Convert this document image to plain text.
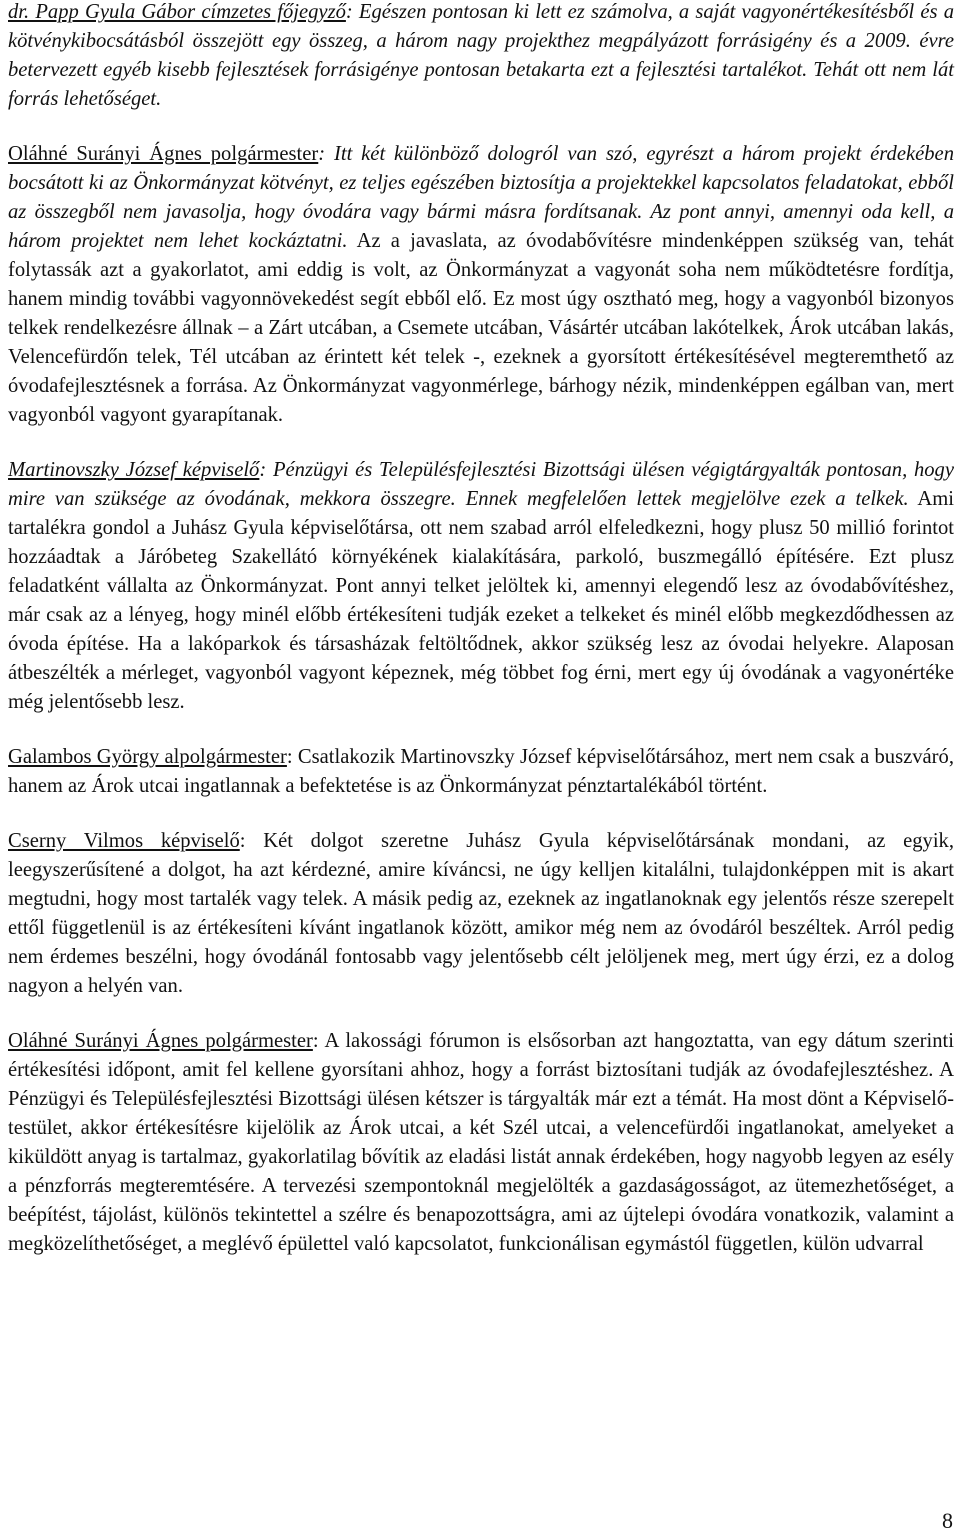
dr. Papp Gyula Gábor címzetes főjegyző: Egészen pontosan ki lett ez számolva, a saját vagyonértékesítésből és a kötvénykibocsátásból összejött egy összeg, a három nagy projekthez megpályázott forrásigény és a 2009. évre betervezett egyéb kisebb fejlesztések forrásigénye pontosan betakarta ezt a fejlesztési tartalékot. Tehát ott nem lát forrás lehetőséget.

Oláhné Surányi Ágnes polgármester: Itt két különböző dologról van szó, egyrészt a három projekt érdekében bocsátott ki az Önkormányzat kötvényt, ez teljes egészében biztosítja a projektekkel kapcsolatos feladatokat, ebből az összegből nem javasolja, hogy óvodára vagy bármi másra fordítsanak. Az pont annyi, amennyi oda kell, a három projektet nem lehet kockáztatni. Az a javaslata, az óvodabővítésre mindenképpen szükség van, tehát folytassák azt a gyakorlatot, ami eddig is volt, az Önkormányzat a vagyonát soha nem működtetésre fordítja, hanem mindig további vagyonnövekedést segít ebből elő. Ez most úgy osztható meg, hogy a vagyonból bizonyos telkek rendelkezésre állnak – a Zárt utcában, a Csemete utcában, Vásártér utcában lakótelkek, Árok utcában lakás, Velencefürdőn telek, Tél utcában az érintett két telek -, ezeknek a gyorsított értékesítésével megteremthető az óvodafejlesztésnek a forrása. Az Önkormányzat vagyonmérlege, bárhogy nézik, mindenképpen egálban van, mert vagyonból vagyont gyarapítanak.

Martinovszky József képviselő: Pénzügyi és Településfejlesztési Bizottsági ülésen végigtárgyalták pontosan, hogy mire van szüksége az óvodának, mekkora összegre. Ennek megfelelően lettek megjelölve ezek a telkek. Ami tartalékra gondol a Juhász Gyula képviselőtársa, ott nem szabad arról elfeledkezni, hogy plusz 50 millió forintot hozzáadtak a Járóbeteg Szakellátó környékének kialakítására, parkoló, buszmegálló építésére. Ezt plusz feladatként vállalta az Önkormányzat. Pont annyi telket jelöltek ki, amennyi elegendő lesz az óvodabővítéshez, már csak az a lényeg, hogy minél előbb értékesíteni tudják ezeket a telkeket és minél előbb megkezdődhessen az óvoda építése. Ha a lakóparkok és társasházak feltöltődnek, akkor szükség lesz az óvodai helyekre. Alaposan átbeszélték a mérleget, vagyonból vagyont képeznek, még többet fog érni, mert egy új óvodának a vagyonértéke még jelentősebb lesz.

Galambos György alpolgármester: Csatlakozik Martinovszky József képviselőtársához, mert nem csak a buszváró, hanem az Árok utcai ingatlannak a befektetése is az Önkormányzat pénztartalékából történt.

Cserny Vilmos képviselő: Két dolgot szeretne Juhász Gyula képviselőtársának mondani, az egyik, leegyszerűsítené a dolgot, ha azt kérdezné, amire kíváncsi, ne úgy kelljen kitalálni, tulajdonképpen mit is akart megtudni, hogy most tartalék vagy telek. A másik pedig az, ezeknek az ingatlanoknak egy jelentős része szerepelt ettől függetlenül is az értékesíteni kívánt ingatlanok között, amikor még nem az óvodáról beszéltek. Arról pedig nem érdemes beszélni, hogy óvodánál fontosabb vagy jelentősebb célt jelöljenek meg, mert úgy érzi, ez a dolog nagyon a helyén van.

Oláhné Surányi Ágnes polgármester: A lakossági fórumon is elsősorban azt hangoztatta, van egy dátum szerinti értékesítési időpont, amit fel kellene gyorsítani ahhoz, hogy a forrást biztosítani tudják az óvodafejlesztéshez. A Pénzügyi és Településfejlesztési Bizottsági ülésen kétszer is tárgyalták már ezt a témát. Ha most dönt a Képviselő-testület, akkor értékesítésre kijelölik az Árok utcai, a két Szél utcai, a velencefürdői ingatlanokat, amelyeket a kiküldött anyag is tartalmaz, gyakorlatilag bővítik az eladási listát annak érdekében, hogy nagyobb legyen az esély a pénzforrás megteremtésére. A tervezési szempontoknál megjelölték a gazdaságosságot, az ütemezhetőséget, a beépítést, tájolást, különös tekintettel a szélre és benapozottságra, ami az újtelepi óvodára vonatkozik, valamint a megközelíthetőséget, a meglévő épülettel való kapcsolatot, funkcionálisan egymástól független, külön udvarral

8
